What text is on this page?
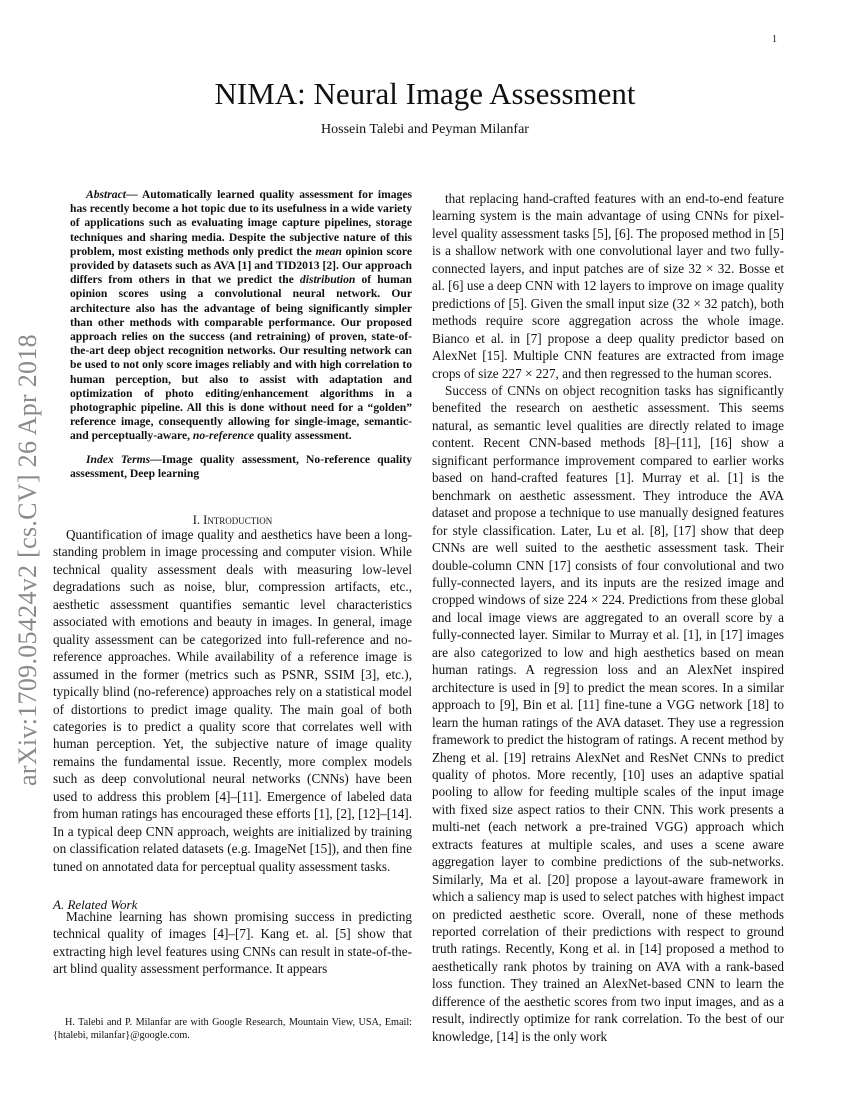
1
NIMA: Neural Image Assessment
Hossein Talebi and Peyman Milanfar
arXiv:1709.05424v2 [cs.CV] 26 Apr 2018

Abstract— Automatically learned quality assessment for images has recently become a hot topic due to its usefulness in a wide variety of applications such as evaluating image capture pipelines, storage techniques and sharing media. Despite the subjective nature of this problem, most existing methods only predict the mean opinion score provided by datasets such as AVA [1] and TID2013 [2]. Our approach differs from others in that we predict the distribution of human opinion scores using a convolutional neural network. Our architecture also has the advantage of being significantly simpler than other methods with comparable performance. Our proposed approach relies on the success (and retraining) of proven, state-of-the-art deep object recognition networks. Our resulting network can be used to not only score images reliably and with high correlation to human perception, but also to assist with adaptation and optimization of photo editing/enhancement algorithms in a photographic pipeline. All this is done without need for a “golden” reference image, consequently allowing for single-image, semantic- and perceptually-aware, no-reference quality assessment.

Index Terms—Image quality assessment, No-reference quality assessment, Deep learning

I. Introduction

Quantification of image quality and aesthetics have been a long-standing problem in image processing and computer vision. While technical quality assessment deals with measuring low-level degradations such as noise, blur, compression artifacts, etc., aesthetic assessment quantifies semantic level characteristics associated with emotions and beauty in images. In general, image quality assessment can be categorized into full-reference and no-reference approaches. While availability of a reference image is assumed in the former (metrics such as PSNR, SSIM [3], etc.), typically blind (no-reference) approaches rely on a statistical model of distortions to predict image quality. The main goal of both categories is to predict a quality score that correlates well with human perception. Yet, the subjective nature of image quality remains the fundamental issue. Recently, more complex models such as deep convolutional neural networks (CNNs) have been used to address this problem [4]–[11]. Emergence of labeled data from human ratings has encouraged these efforts [1], [2], [12]–[14]. In a typical deep CNN approach, weights are initialized by training on classification related datasets (e.g. ImageNet [15]), and then fine tuned on annotated data for perceptual quality assessment tasks.

A. Related Work

Machine learning has shown promising success in predicting technical quality of images [4]–[7]. Kang et. al. [5] show that extracting high level features using CNNs can result in state-of-the-art blind quality assessment performance. It appears

H. Talebi and P. Milanfar are with Google Research, Mountain View, USA, Email: {htalebi, milanfar}@google.com.

that replacing hand-crafted features with an end-to-end feature learning system is the main advantage of using CNNs for pixel-level quality assessment tasks [5], [6]. The proposed method in [5] is a shallow network with one convolutional layer and two fully-connected layers, and input patches are of size 32 × 32. Bosse et al. [6] use a deep CNN with 12 layers to improve on image quality predictions of [5]. Given the small input size (32 × 32 patch), both methods require score aggregation across the whole image. Bianco et al. in [7] propose a deep quality predictor based on AlexNet [15]. Multiple CNN features are extracted from image crops of size 227 × 227, and then regressed to the human scores.

Success of CNNs on object recognition tasks has significantly benefited the research on aesthetic assessment. This seems natural, as semantic level qualities are directly related to image content. Recent CNN-based methods [8]–[11], [16] show a significant performance improvement compared to earlier works based on hand-crafted features [1]. Murray et al. [1] is the benchmark on aesthetic assessment. They introduce the AVA dataset and propose a technique to use manually designed features for style classification. Later, Lu et al. [8], [17] show that deep CNNs are well suited to the aesthetic assessment task. Their double-column CNN [17] consists of four convolutional and two fully-connected layers, and its inputs are the resized image and cropped windows of size 224 × 224. Predictions from these global and local image views are aggregated to an overall score by a fully-connected layer. Similar to Murray et al. [1], in [17] images are also categorized to low and high aesthetics based on mean human ratings. A regression loss and an AlexNet inspired architecture is used in [9] to predict the mean scores. In a similar approach to [9], Bin et al. [11] fine-tune a VGG network [18] to learn the human ratings of the AVA dataset. They use a regression framework to predict the histogram of ratings. A recent method by Zheng et al. [19] retrains AlexNet and ResNet CNNs to predict quality of photos. More recently, [10] uses an adaptive spatial pooling to allow for feeding multiple scales of the input image with fixed size aspect ratios to their CNN. This work presents a multi-net (each network a pre-trained VGG) approach which extracts features at multiple scales, and uses a scene aware aggregation layer to combine predictions of the sub-networks. Similarly, Ma et al. [20] propose a layout-aware framework in which a saliency map is used to select patches with highest impact on predicted aesthetic score. Overall, none of these methods reported correlation of their predictions with respect to ground truth ratings. Recently, Kong et al. in [14] proposed a method to aesthetically rank photos by training on AVA with a rank-based loss function. They trained an AlexNet-based CNN to learn the difference of the aesthetic scores from two input images, and as a result, indirectly optimize for rank correlation. To the best of our knowledge, [14] is the only work
